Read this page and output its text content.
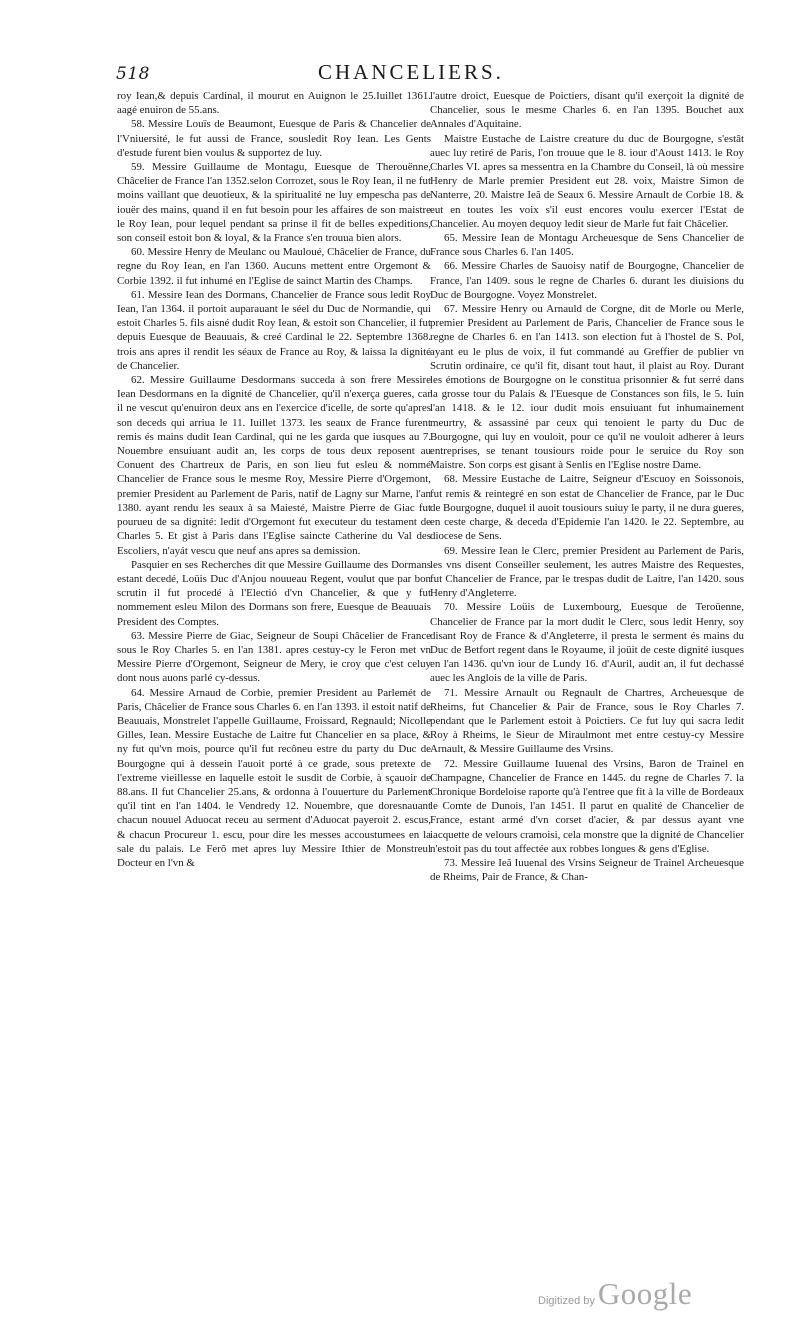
518	CHANCELIERS.

roy Iean,& depuis Cardinal, il mourut en Auignon le 25.Iuillet 1361. aagé enuiron de 55.ans.

58. Messire Louïs de Beaumont, Euesque de Paris & Chancelier de l'Vniuersité, le fut aussi de France, sousledit Roy Iean. Les Gents d'estude furent bien voulus & supportez de luy.

59. Messire Guillaume de Montagu, Euesque de Therouënne, Châcelier de France l'an 1352.selon Corrozet, sous le Roy Iean, il ne fut moins vaillant que deuotieux, & la spiritualité ne luy empescha pas de iouër des mains, quand il en fut besoin pour les affaires de son maistre le Roy Iean, pour lequel pendant sa prinse il fit de belles expeditions, son conseil estoit bon & loyal, & la France s'en trouua bien alors.

60. Messire Henry de Meulanc ou Mauloué, Châcelier de France, du regne du Roy Iean, en l'an 1360. Aucuns mettent entre Orgemont & Corbie 1392. il fut inhumé en l'Eglise de sainct Martin des Champs.

61. Messire Iean des Dormans, Chancelier de France sous ledit Roy Iean, l'an 1364. il portoit auparauant le séel du Duc de Normandie, qui estoit Charles 5. fils aisné dudit Roy Iean, & estoit son Chancelier, il fut depuis Euesque de Beauuais, & creé Cardinal le 22. Septembre 1368. trois ans apres il rendit les séaux de France au Roy, & laissa la dignité de Chancelier.

62. Messire Guillaume Desdormans succeda à son frere Messire Iean Desdormans en la dignité de Chancelier, qu'il n'exerça gueres, car il ne vescut qu'enuiron deux ans en l'exercice d'icelle, de sorte qu'apres son deceds qui arriua le 11. Iuillet 1373. les seaux de France furent remis és mains dudit Iean Cardinal, qui ne les garda que iusques au 7. Nouembre ensuiuant audit an, les corps de tous deux reposent au Conuent des Chartreux de Paris, en son lieu fut esleu & nommé Chancelier de France sous le mesme Roy, Messire Pierre d'Orgemont, premier President au Parlement de Paris, natif de Lagny sur Marne, l'an 1380. ayant rendu les seaux à sa Maiesté, Maistre Pierre de Giac fut pourueu de sa dignité: ledit d'Orgemont fut executeur du testament de Charles 5. Et gist à Paris dans l'Eglise saincte Catherine du Val des Escoliers, n'ayát vescu que neuf ans apres sa demission.

Pasquier en ses Recherches dit que Messire Guillaume des Dormans estant decedé, Loüis Duc d'Anjou nouueau Regent, voulut que par bon scrutin il fut procedé à l'Electió d'vn Chancelier, & que y fut nommement esleu Milon des Dormans son frere, Euesque de Beauuais President des Comptes.

63. Messire Pierre de Giac, Seigneur de Soupi Châcelier de France sous le Roy Charles 5. en l'an 1381. apres cestuy-cy le Feron met vn Messire Pierre d'Orgemont, Seigneur de Mery, ie croy que c'est celuy dont nous auons parlé cy-dessus.

64. Messire Arnaud de Corbie, premier President au Parlemét de Paris, Châcelier de France sous Charles 6. en l'an 1393. il estoit natif de Beauuais, Monstrelet l'appelle Guillaume, Froissard, Regnauld; Nicolle Gilles, Iean. Messire Eustache de Laitre fut Chancelier en sa place, & ny fut qu'vn mois, pource qu'il fut recôneu estre du party du Duc de Bourgogne qui à dessein l'auoit porté à ce grade, sous pretexte de l'extreme vieillesse en laquelle estoit le susdit de Corbie, à sçauoir de 88.ans. Il fut Chancelier 25.ans, & ordonna à l'ouuerture du Parlement qu'il tint en l'an 1404. le Vendredy 12. Nouembre, que doresnauant chacun nouuel Aduocat receu au serment d'Aduocat payeroit 2. escus, & chacun Procureur 1. escu, pour dire les messes accoustumees en la sale du palais. Le Ferô met apres luy Messire Ithier de Monstreul Docteur en l'vn &

l'autre droict, Euesque de Poictiers, disant qu'il exerçoit la dignité de Chancelier, sous le mesme Charles 6. en l'an 1395. Bouchet aux Annales d'Aquitaine.

Maistre Eustache de Laistre creature du duc de Bourgogne, s'estât auec luy retiré de Paris, l'on trouue que le 8. iour d'Aoust 1413. le Roy Charles VI. apres sa messentra en la Chambre du Conseil, là où messire Henry de Marle premier President eut 28. voix, Maistre Simon de Nanterre, 20. Maistre Ieã de Seaux 6. Messire Arnault de Corbie 18. & eut en toutes les voix s'il eust encores voulu exercer l'Estat de Chancelier. Au moyen dequoy ledit sieur de Marle fut fait Châcelier.

65. Messire Iean de Montagu Archeuesque de Sens Chancelier de France sous Charles 6. l'an 1405.

66. Messire Charles de Sauoisy natif de Bourgogne, Chancelier de France, l'an 1409. sous le regne de Charles 6. durant les diuisions du Duc de Bourgogne. Voyez Monstrelet.

67. Messire Henry ou Arnauld de Corgne, dit de Morle ou Merle, premier President au Parlement de Paris, Chancelier de France sous le regne de Charles 6. en l'an 1413. son election fut à l'hostel de S. Pol, ayant eu le plus de voix, il fut commandé au Greffier de publier vn Scrutin ordinaire, ce qu'il fit, disant tout haut, il plaist au Roy. Durant les émotions de Bourgogne on le constitua prisonnier & fut serré dans la grosse tour du Palais & l'Euesque de Constances son fils, le 5. Iuin l'an 1418. & le 12. iour dudit mois ensuiuant fut inhumainement meurtry, & assassiné par ceux qui tenoient le party du Duc de Bourgogne, qui luy en vouloit, pour ce qu'il ne vouloit adherer à leurs entreprises, se tenant tousiours roide pour le seruice du Roy son Maistre. Son corps est gisant à Senlis en l'Eglise nostre Dame.

68. Messire Eustache de Laitre, Seigneur d'Escuoy en Soissonois, fut remis & reintegré en son estat de Chancelier de France, par le Duc de Bourgogne, duquel il auoit tousiours suiuy le party, il ne dura gueres, en ceste charge, & deceda d'Epidemie l'an 1420. le 22. Septembre, au diocese de Sens.

69. Messire Iean le Clerc, premier President au Parlement de Paris, les vns disent Conseiller seulement, les autres Maistre des Requestes, fut Chancelier de France, par le trespas dudit de Laitre, l'an 1420. sous Henry d'Angleterre.

70. Messire Loüis de Luxembourg, Euesque de Teroüenne, Chancelier de France par la mort dudit le Clerc, sous ledit Henry, soy disant Roy de France & d'Angleterre, il presta le serment és mains du Duc de Betfort regent dans le Royaume, il joüit de ceste dignité iusques en l'an 1436. qu'vn iour de Lundy 16. d'Auril, audit an, il fut dechassé auec les Anglois de la ville de Paris.

71. Messire Arnault ou Regnault de Chartres, Archeuesque de Rheims, fut Chancelier & Pair de France, sous le Roy Charles 7. pendant que le Parlement estoit à Poictiers. Ce fut luy qui sacra ledit Roy à Rheims, le Sieur de Miraulmont met entre cestuy-cy Messire Arnault, & Messire Guillaume des Vrsins.

72. Messire Guillaume Iuuenal des Vrsins, Baron de Trainel en Champagne, Chancelier de France en 1445. du regne de Charles 7. la Chronique Bordeloise raporte qu'à l'entree que fit à la ville de Bordeaux le Comte de Dunois, l'an 1451. Il parut en qualité de Chancelier de France, estant armé d'vn corset d'acier, & par dessus ayant vne iacquette de velours cramoisi, cela monstre que la dignité de Chancelier n'estoit pas du tout affectée aux robbes longues & gens d'Eglise.

73. Messire Ieã Iuuenal des Vrsins Seigneur de Trainel Archeuesque de Rheims, Pair de France, & Chan-

Digitized by Google
